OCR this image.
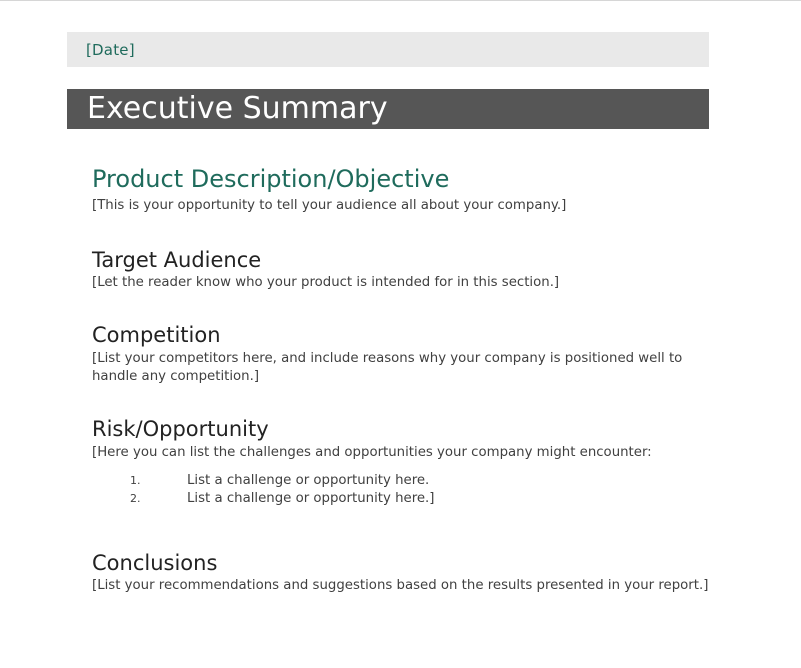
[Date]
Executive Summary
Product Description/Objective

[This is your opportunity to tell your audience all about your company.]

Target Audience

[Let the reader know who your product is intended for in this section.]

Competition

[List your competitors here, and include reasons why your company is positioned well to handle any competition.]

Risk/Opportunity

[Here you can list the challenges and opportunities your company might encounter:

1.	List a challenge or opportunity here.
2.	List a challenge or opportunity here.]
Conclusions

[List your recommendations and suggestions based on the results presented in your report.]
